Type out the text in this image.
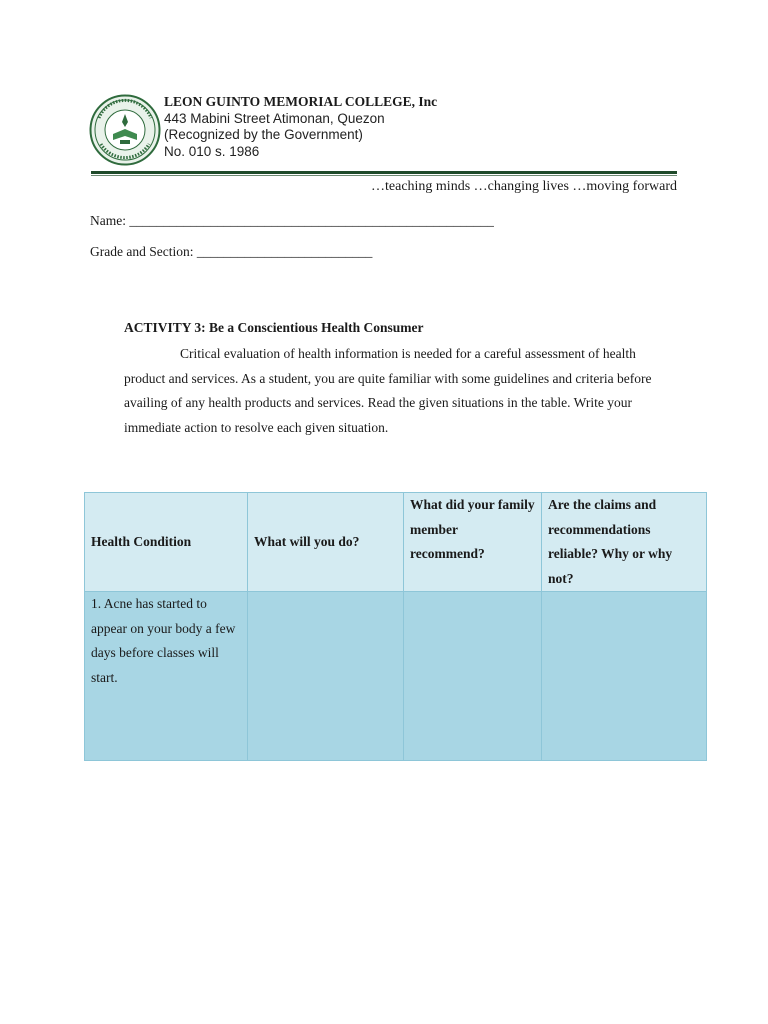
LEON GUINTO MEMORIAL COLLEGE, Inc
443 Mabini Street Atimonan, Quezon
(Recognized by the Government)
No. 010 s. 1986
…teaching minds …changing lives …moving forward
Name: ______________________________________________________
Grade and Section: __________________________
ACTIVITY 3: Be a Conscientious Health Consumer

Critical evaluation of health information is needed for a careful assessment of health product and services. As a student, you are quite familiar with some guidelines and criteria before availing of any health products and services. Read the given situations in the table. Write your immediate action to resolve each given situation.

Health Condition	What will you do?	What did your family member recommend?	Are the claims and recommendations reliable? Why or why not?
1. Acne has started to appear on your body a few days before classes will start.			
